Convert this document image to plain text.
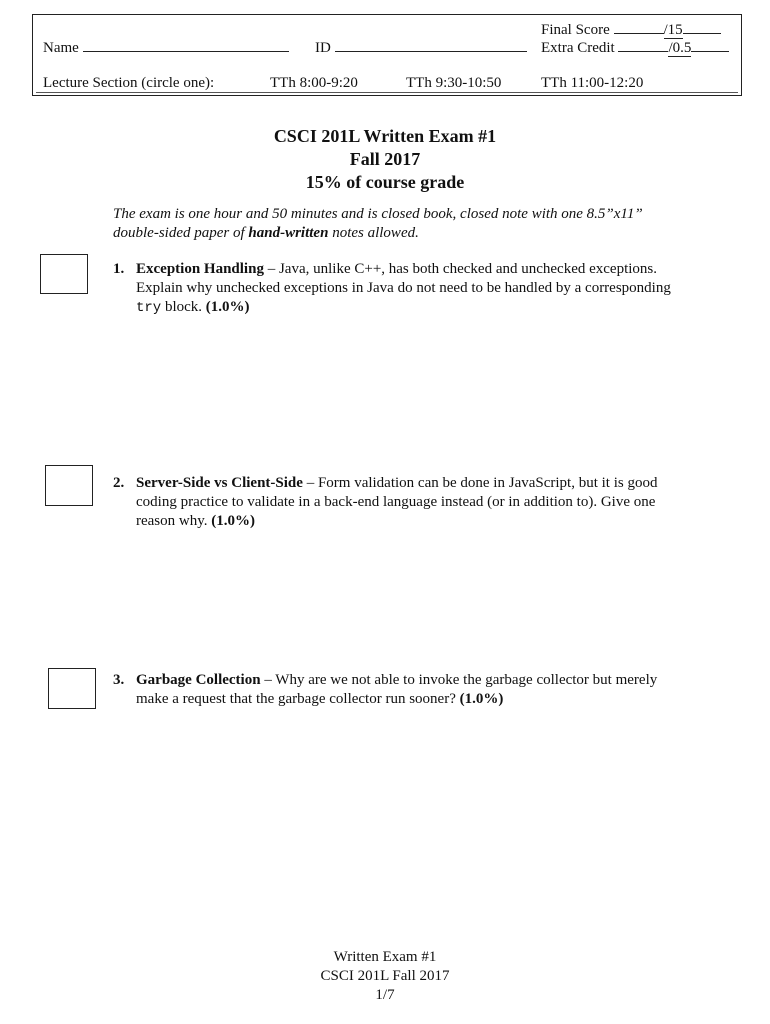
Name	ID
Final Score	/15
Extra Credit	/0.5
Lecture Section (circle one):	TTh 8:00-9:20	TTh 9:30-10:50	TTh 11:00-12:20
CSCI 201L Written Exam #1
Fall 2017
15% of course grade
The exam is one hour and 50 minutes and is closed book, closed note with one 8.5”x11” double-sided paper of hand-written notes allowed.
1. Exception Handling – Java, unlike C++, has both checked and unchecked exceptions. Explain why unchecked exceptions in Java do not need to be handled by a corresponding try block. (1.0%)
2. Server-Side vs Client-Side – Form validation can be done in JavaScript, but it is good coding practice to validate in a back-end language instead (or in addition to). Give one reason why. (1.0%)
3. Garbage Collection – Why are we not able to invoke the garbage collector but merely make a request that the garbage collector run sooner? (1.0%)
Written Exam #1
CSCI 201L Fall 2017
1/7
